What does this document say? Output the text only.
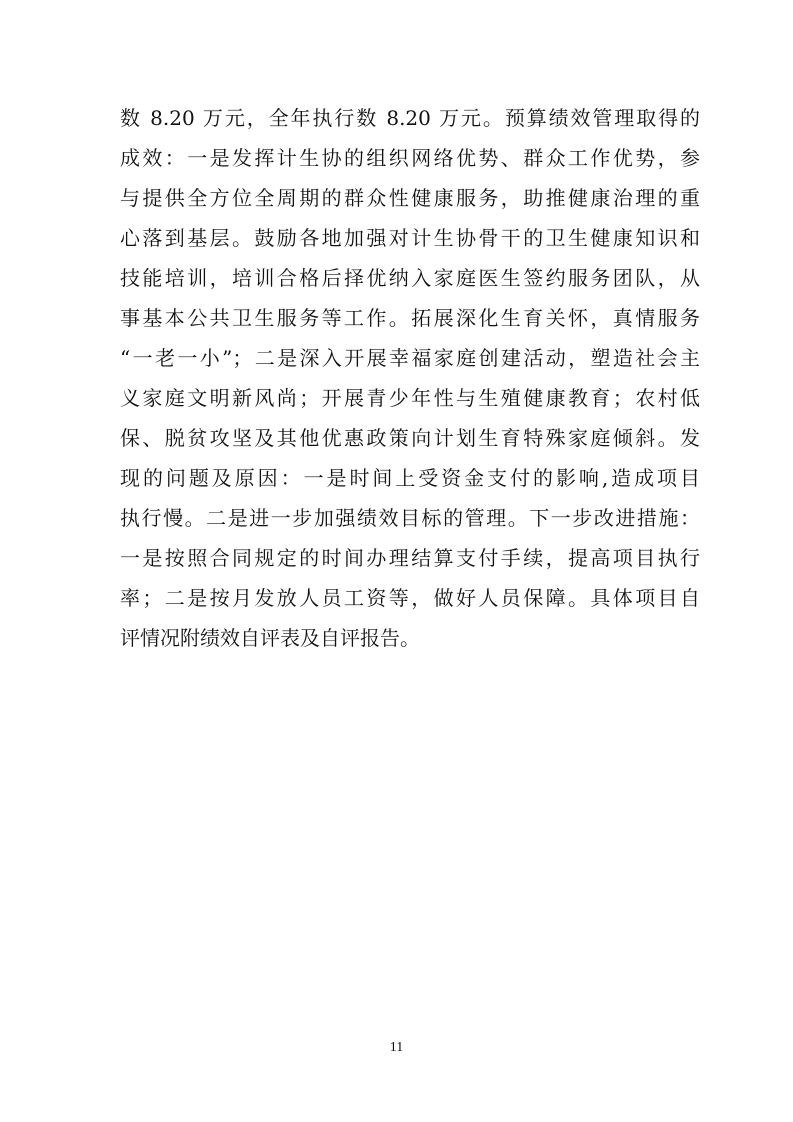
数 8.20 万元，全年执行数 8.20 万元。预算绩效管理取得的
成效：一是发挥计生协的组织网络优势、群众工作优势，参
与提供全方位全周期的群众性健康服务，助推健康治理的重
心落到基层。鼓励各地加强对计生协骨干的卫生健康知识和
技能培训，培训合格后择优纳入家庭医生签约服务团队，从
事基本公共卫生服务等工作。拓展深化生育关怀，真情服务
“一老一小”；二是深入开展幸福家庭创建活动，塑造社会主
义家庭文明新风尚；开展青少年性与生殖健康教育；农村低
保、脱贫攻坚及其他优惠政策向计划生育特殊家庭倾斜。发
现的问题及原因：一是时间上受资金支付的影响,造成项目
执行慢。二是进一步加强绩效目标的管理。下一步改进措施：
一是按照合同规定的时间办理结算支付手续，提高项目执行
率；二是按月发放人员工资等，做好人员保障。具体项目自
评情况附绩效自评表及自评报告。
11
